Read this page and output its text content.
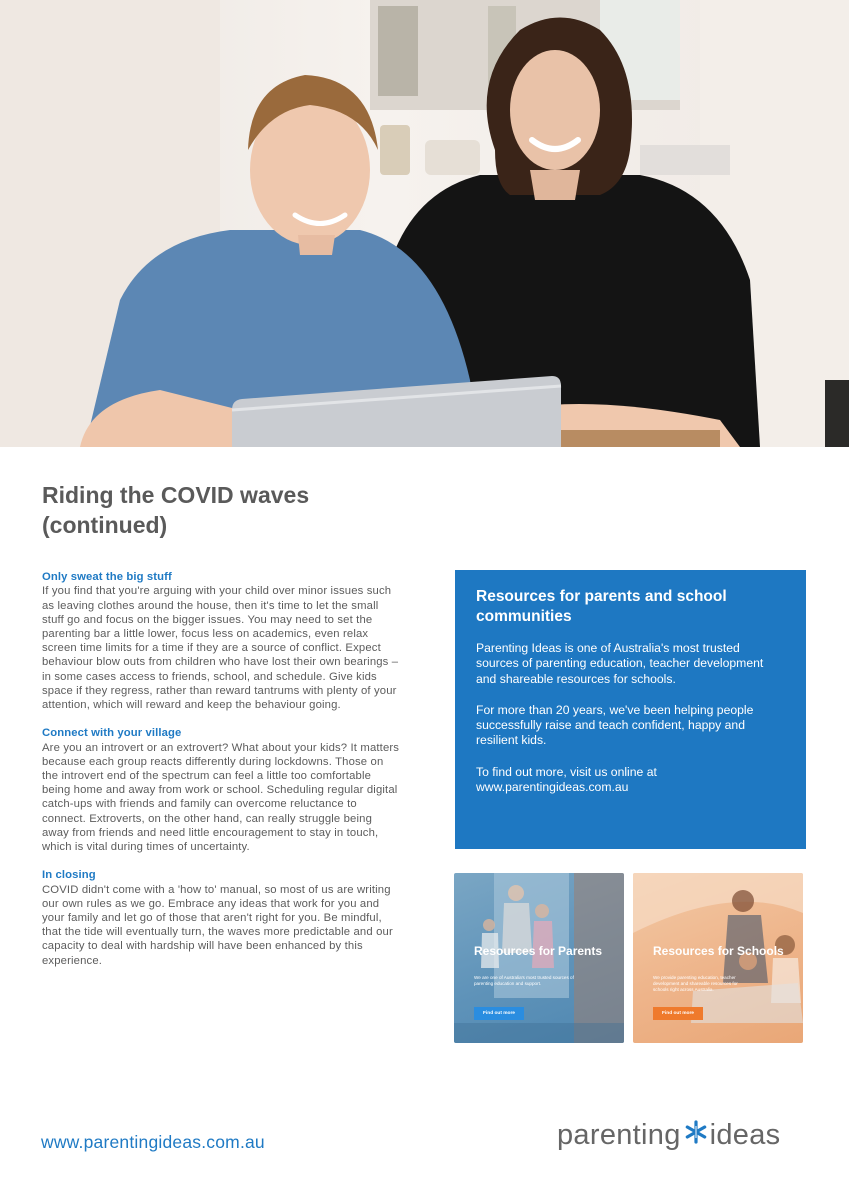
Riding the COVID waves (continued)
Only sweat the big stuff

If you find that you're arguing with your child over minor issues such as leaving clothes around the house, then it's time to let the small stuff go and focus on the bigger issues. You may need to set the parenting bar a little lower, focus less on academics, even relax screen time limits for a time if they are a source of conflict. Expect behaviour blow outs from children who have lost their own bearings – in some cases access to friends, school, and schedule. Give kids space if they regress, rather than reward tantrums with plenty of your attention, which will reward and keep the behaviour going.

Connect with your village

Are you an introvert or an extrovert? What about your kids? It matters because each group reacts differently during lockdowns. Those on the introvert end of the spectrum can feel a little too comfortable being home and away from work or school. Scheduling regular digital catch-ups with friends and family can overcome reluctance to connect. Extroverts, on the other hand, can really struggle being away from friends and need little encouragement to stay in touch, which is vital during times of uncertainty.

In closing

COVID didn't come with a 'how to' manual, so most of us are writing our own rules as we go. Embrace any ideas that work for you and your family and let go of those that aren't right for you. Be mindful, that the tide will eventually turn, the waves more predictable and our capacity to deal with hardship will have been enhanced by this experience.

Resources for parents and school communities

Parenting Ideas is one of Australia's most trusted sources of parenting education, teacher development and shareable resources for schools.

For more than 20 years, we've been helping people successfully raise and teach confident, happy and resilient kids.

To find out more, visit us online at www.parentingideas.com.au

Resources for Parents
We are one of Australia's most trusted sources of parenting education and support.
Find out more
Resources for Schools
We provide parenting education, teacher development and shareable resources for schools right across Australia.
Find out more
www.parentingideas.com.au	parenting ideas
